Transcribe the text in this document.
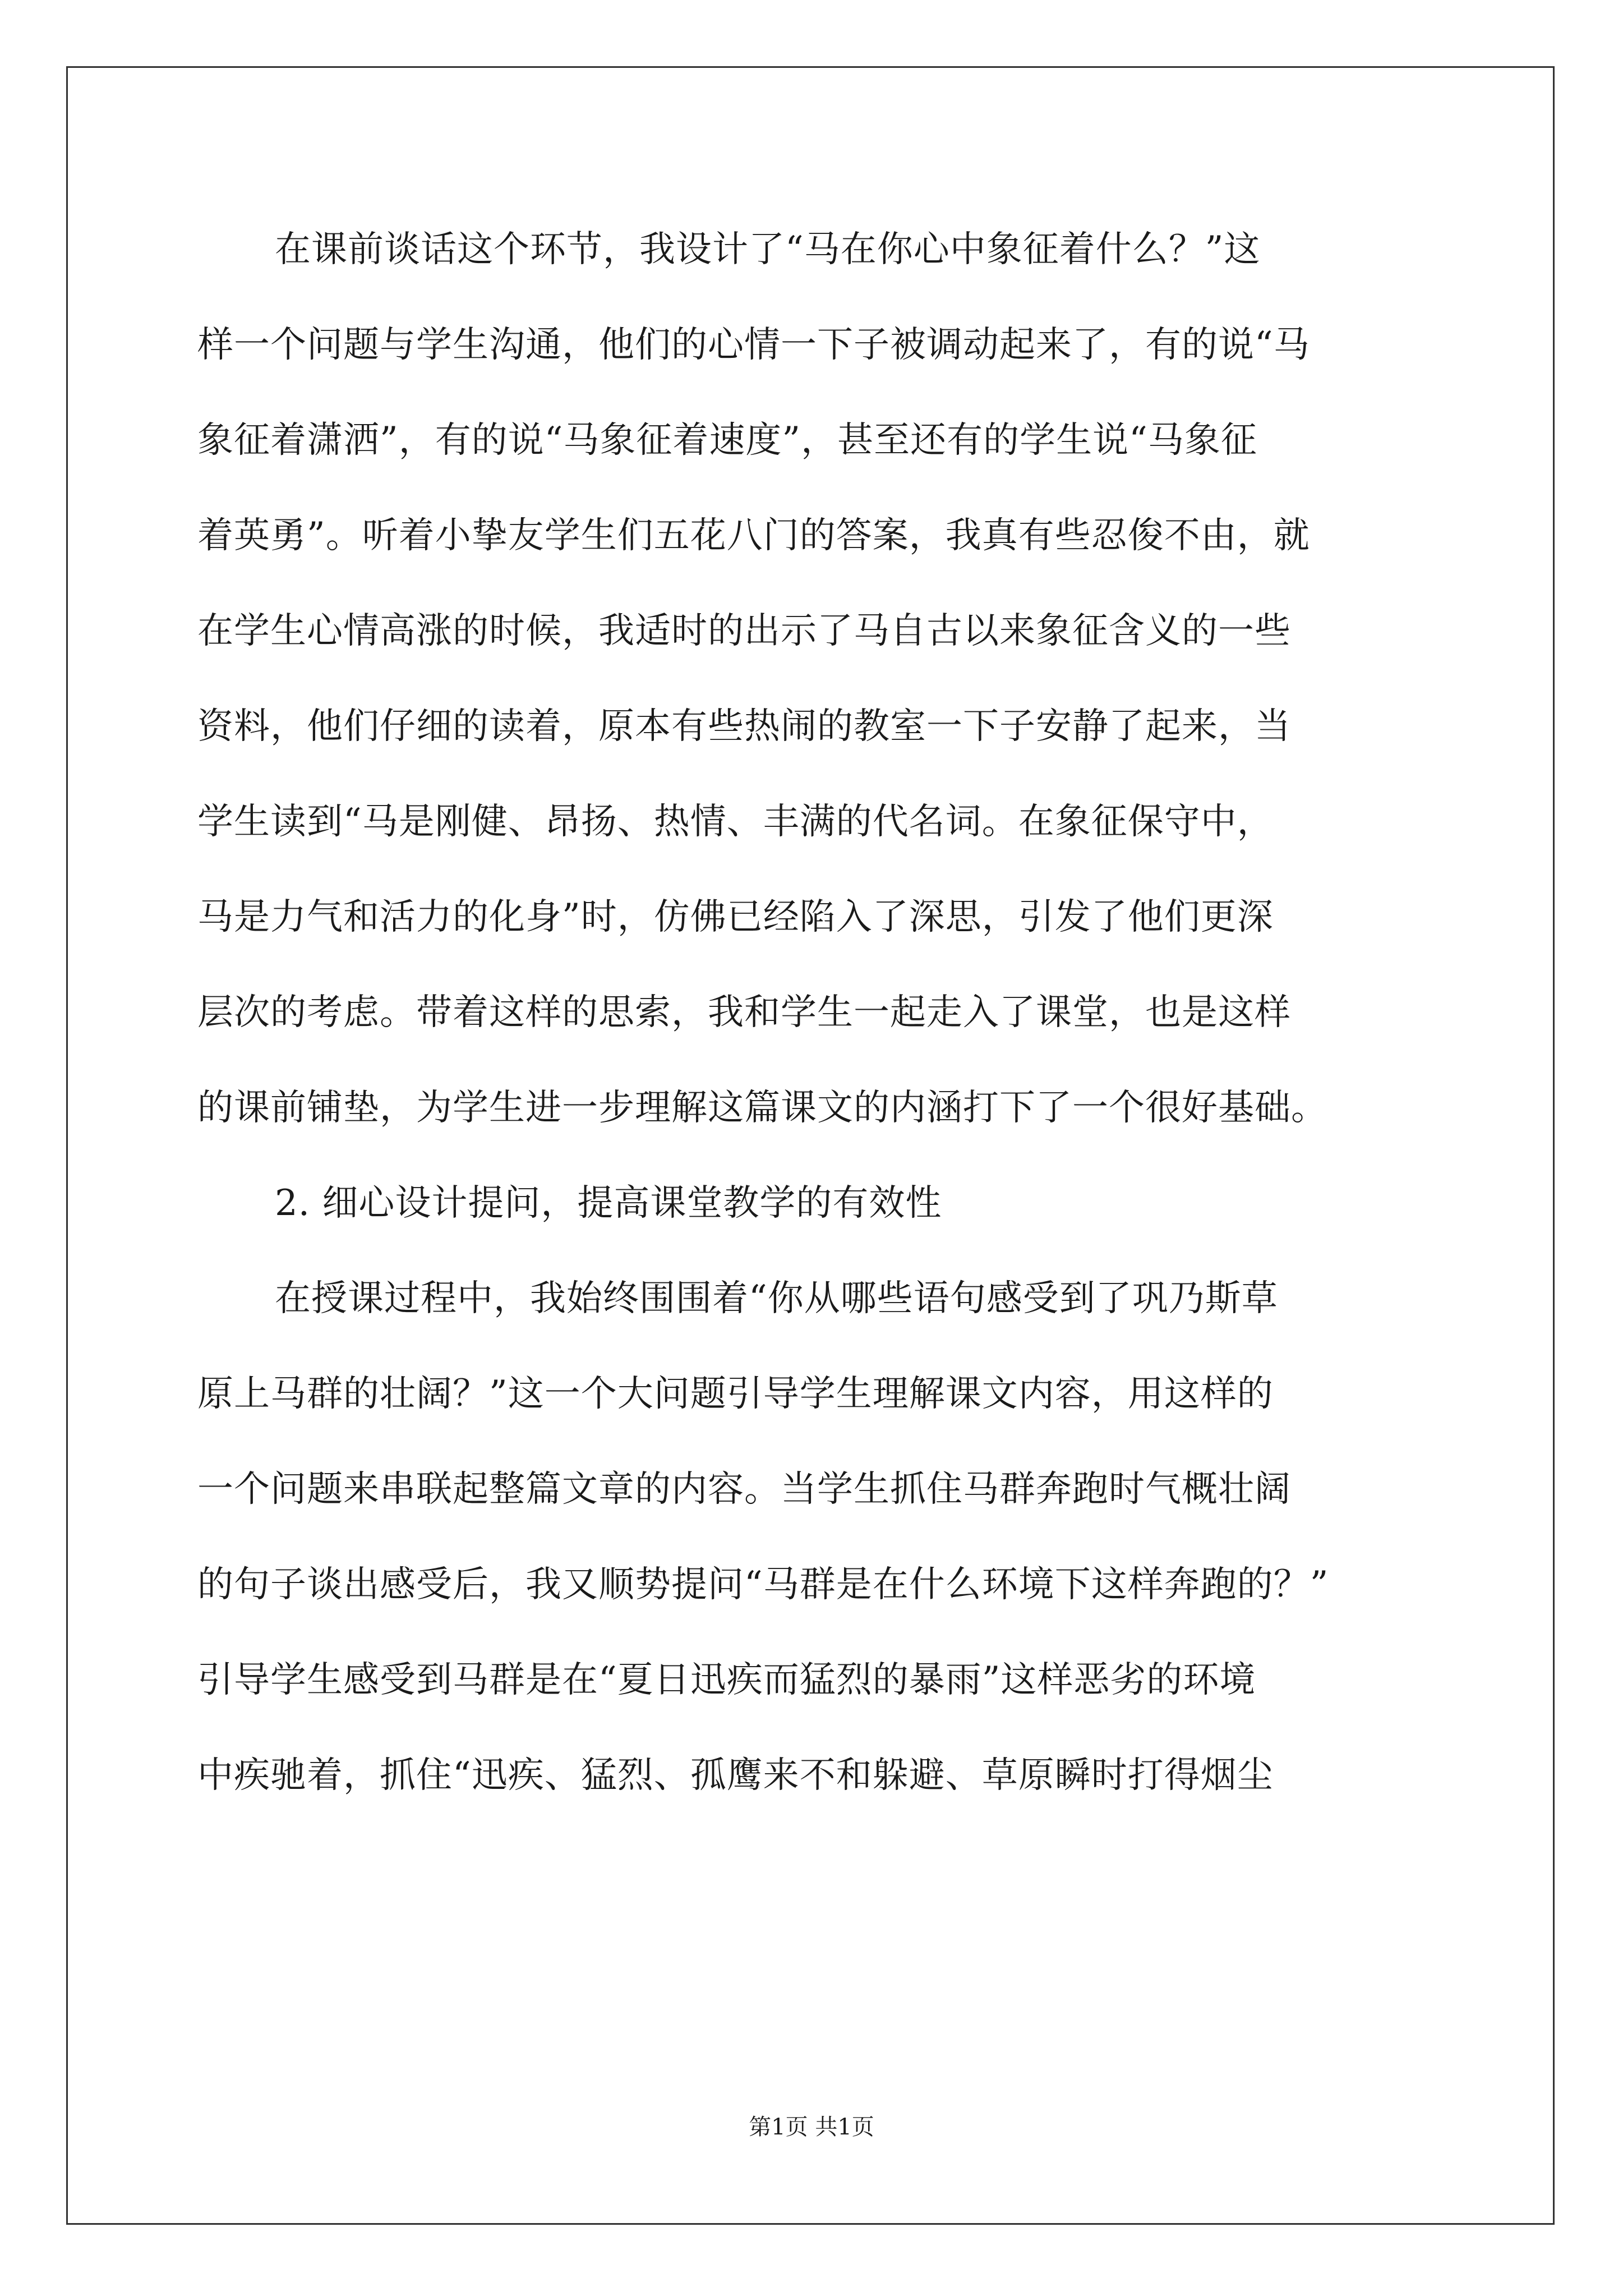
在课前谈话这个环节，我设计了“马在你心中象征着什么？”这
样一个问题与学生沟通，他们的心情一下子被调动起来了，有的说“马
象征着潇洒”，有的说“马象征着速度”，甚至还有的学生说“马象征
着英勇”。听着小挚友学生们五花八门的答案，我真有些忍俊不由，就
在学生心情高涨的时候，我适时的出示了马自古以来象征含义的一些
资料，他们仔细的读着，原本有些热闹的教室一下子安静了起来，当
学生读到“马是刚健、昂扬、热情、丰满的代名词。在象征保守中，
马是力气和活力的化身”时，仿佛已经陷入了深思，引发了他们更深
层次的考虑。带着这样的思索，我和学生一起走入了课堂，也是这样
的课前铺垫，为学生进一步理解这篇课文的内涵打下了一个很好基础。
2. 细心设计提问，提高课堂教学的有效性
在授课过程中，我始终围围着“你从哪些语句感受到了巩乃斯草
原上马群的壮阔？”这一个大问题引导学生理解课文内容，用这样的
一个问题来串联起整篇文章的内容。当学生抓住马群奔跑时气概壮阔
的句子谈出感受后，我又顺势提问“马群是在什么环境下这样奔跑的？”
引导学生感受到马群是在“夏日迅疾而猛烈的暴雨”这样恶劣的环境
中疾驰着，抓住“迅疾、猛烈、孤鹰来不和躲避、草原瞬时打得烟尘
第1页 共1页
